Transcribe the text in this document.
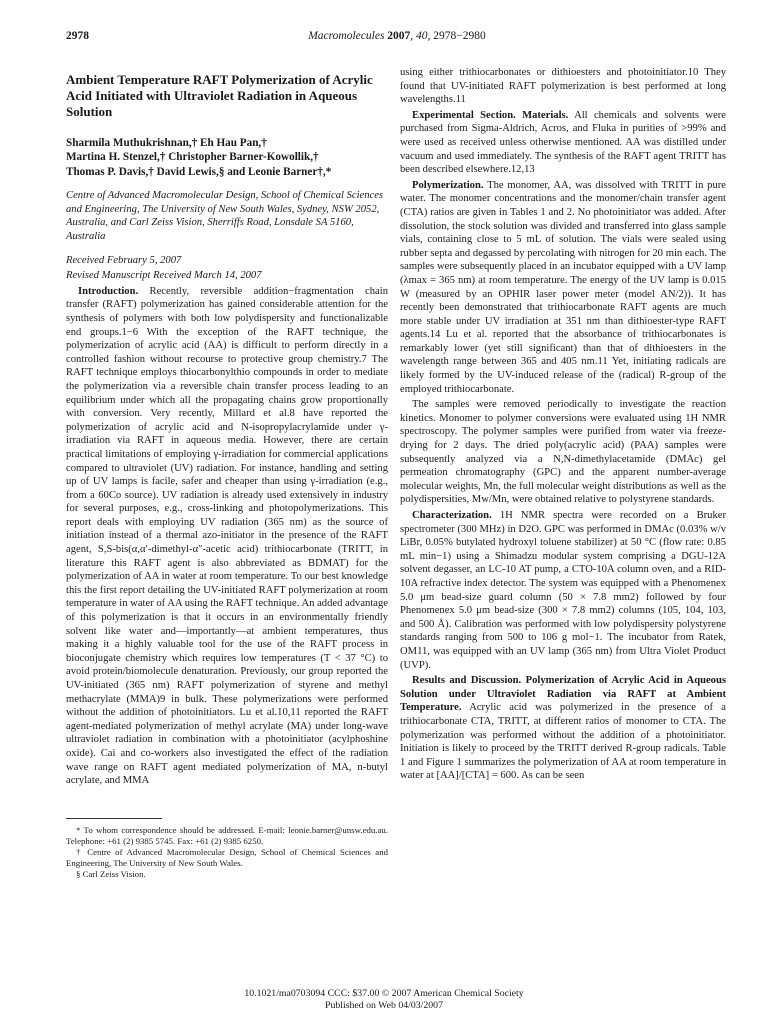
2978	Macromolecules 2007, 40, 2978−2980
Ambient Temperature RAFT Polymerization of Acrylic Acid Initiated with Ultraviolet Radiation in Aqueous Solution
Sharmila Muthukrishnan,† Eh Hau Pan,†
Martina H. Stenzel,† Christopher Barner-Kowollik,†
Thomas P. Davis,† David Lewis,§ and Leonie Barner†,*
Centre of Advanced Macromolecular Design, School of Chemical Sciences and Engineering, The University of New South Wales, Sydney, NSW 2052, Australia, and Carl Zeiss Vision, Sherriffs Road, Lonsdale SA 5160, Australia
Received February 5, 2007
Revised Manuscript Received March 14, 2007

Introduction. Recently, reversible addition−fragmentation chain transfer (RAFT) polymerization has gained considerable attention for the synthesis of polymers with both low polydispersity and functionalizable end groups.1−6 With the exception of the RAFT technique, the polymerization of acrylic acid (AA) is difficult to perform directly in a controlled fashion without recourse to protective group chemistry.7 The RAFT technique employs thiocarbonylthio compounds in order to mediate the polymerization via a reversible chain transfer process leading to an equilibrium under which all the propagating chains grow proportionally with conversion. Very recently, Millard et al.8 have reported the polymerization of acrylic acid and N-isopropylacrylamide under γ-irradiation via RAFT in aqueous media. However, there are certain practical limitations of employing γ-irradiation for commercial applications compared to ultraviolet (UV) radiation. For instance, handling and setting up of UV lamps is facile, safer and cheaper than using γ-irradiation (e.g., from a 60Co source). UV radiation is already used extensively in industry for several purposes, e.g., cross-linking and photopolymerizations. This report deals with employing UV radiation (365 nm) as the source of initiation instead of a thermal azo-initiator in the presence of the RAFT agent, S,S-bis(α,α′-dimethyl-α″-acetic acid) trithiocarbonate (TRITT, in literature this RAFT agent is also abbreviated as BDMAT) for the polymerization of AA in water at room temperature. To our best knowledge this the first report detailing the UV-initiated RAFT polymerization at room temperature in water of AA using the RAFT technique. An added advantage of this polymerization is that it occurs in an environmentally friendly solvent like water and—importantly—at ambient temperatures, thus making it a highly valuable tool for the use of the RAFT process in bioconjugate chemistry which requires low temperatures (T < 37 °C) to avoid protein/biomolecule denaturation. Previously, our group reported the UV-initiated (365 nm) RAFT polymerization of styrene and methyl methacrylate (MMA)9 in bulk. These polymerizations were performed without the addition of photoinitiators. Lu et al.10,11 reported the RAFT agent-mediated polymerization of methyl acrylate (MA) under long-wave ultraviolet radiation in combination with a photoinitiator (acylphoshine oxide). Cai and co-workers also investigated the effect of the radiation wave range on RAFT agent mediated polymerization of MA, n-butyl acrylate, and MMA

* To whom correspondence should be addressed. E-mail: leonie.barner@unsw.edu.au. Telephone: +61 (2) 9385 5745. Fax: +61 (2) 9385 6250.
† Centre of Advanced Macromolecular Design, School of Chemical Sciences and Engineering, The University of New South Wales.
§ Carl Zeiss Vision.

using either trithiocarbonates or dithioesters and photoinitiator.10 They found that UV-initiated RAFT polymerization is best performed at long wavelengths.11

Experimental Section. Materials. All chemicals and solvents were purchased from Sigma-Aldrich, Acros, and Fluka in purities of >99% and were used as received unless otherwise mentioned. AA was distilled under vacuum and used immediately. The synthesis of the RAFT agent TRITT has been described elsewhere.12,13

Polymerization. The monomer, AA, was dissolved with TRITT in pure water. The monomer concentrations and the monomer/chain transfer agent (CTA) ratios are given in Tables 1 and 2. No photoinitiator was added. After dissolution, the stock solution was divided and transferred into glass sample vials, containing close to 5 mL of solution. The vials were sealed using rubber septa and degassed by percolating with nitrogen for 20 min each. The samples were subsequently placed in an incubator equipped with a UV lamp (λmax = 365 nm) at room temperature. The energy of the UV lamp is 0.015 W (measured by an OPHIR laser power meter (model AN/2)). It has recently been demonstrated that trithiocarbonate RAFT agents are much more stable under UV irradiation at 351 nm than dithioester-type RAFT agents.14 Lu et al. reported that the absorbance of trithiocarbonates is remarkably lower (yet still significant) than that of dithioesters in the wavelength range between 365 and 405 nm.11 Yet, initiating radicals are likely formed by the UV-induced release of the (radical) R-group of the employed trithiocarbonate.

The samples were removed periodically to investigate the reaction kinetics. Monomer to polymer conversions were evaluated using 1H NMR spectroscopy. The polymer samples were purified from water via freeze-drying for 2 days. The dried poly(acrylic acid) (PAA) samples were subsequently analyzed via a N,N-dimethylacetamide (DMAc) gel permeation chromatography (GPC) and the apparent number-average molecular weights, Mn, the full molecular weight distributions as well as the polydispersities, Mw/Mn, were obtained relative to polystyrene standards.

Characterization. 1H NMR spectra were recorded on a Bruker spectrometer (300 MHz) in D2O. GPC was performed in DMAc (0.03% w/v LiBr, 0.05% butylated hydroxyl toluene stabilizer) at 50 °C (flow rate: 0.85 mL min−1) using a Shimadzu modular system comprising a DGU-12A solvent degasser, an LC-10 AT pump, a CTO-10A column oven, and a RID-10A refractive index detector. The system was equipped with a Phenomenex 5.0 μm bead-size guard column (50 × 7.8 mm2) followed by four Phenomenex 5.0 μm bead-size (300 × 7.8 mm2) columns (105, 104, 103, and 500 Å). Calibration was performed with low polydispersity polystyrene standards ranging from 500 to 106 g mol−1. The incubator from Ratek, OM11, was equipped with an UV lamp (365 nm) from Ultra Violet Product (UVP).

Results and Discussion. Polymerization of Acrylic Acid in Aqueous Solution under Ultraviolet Radiation via RAFT at Ambient Temperature. Acrylic acid was polymerized in the presence of a trithiocarbonate CTA, TRITT, at different ratios of monomer to CTA. The polymerization was performed without the addition of a photoinitiator. Initiation is likely to proceed by the TRITT derived R-group radicals. Table 1 and Figure 1 summarizes the polymerization of AA at room temperature in water at [AA]/[CTA] = 600. As can be seen

10.1021/ma0703094 CCC: $37.00 © 2007 American Chemical Society
Published on Web 04/03/2007
